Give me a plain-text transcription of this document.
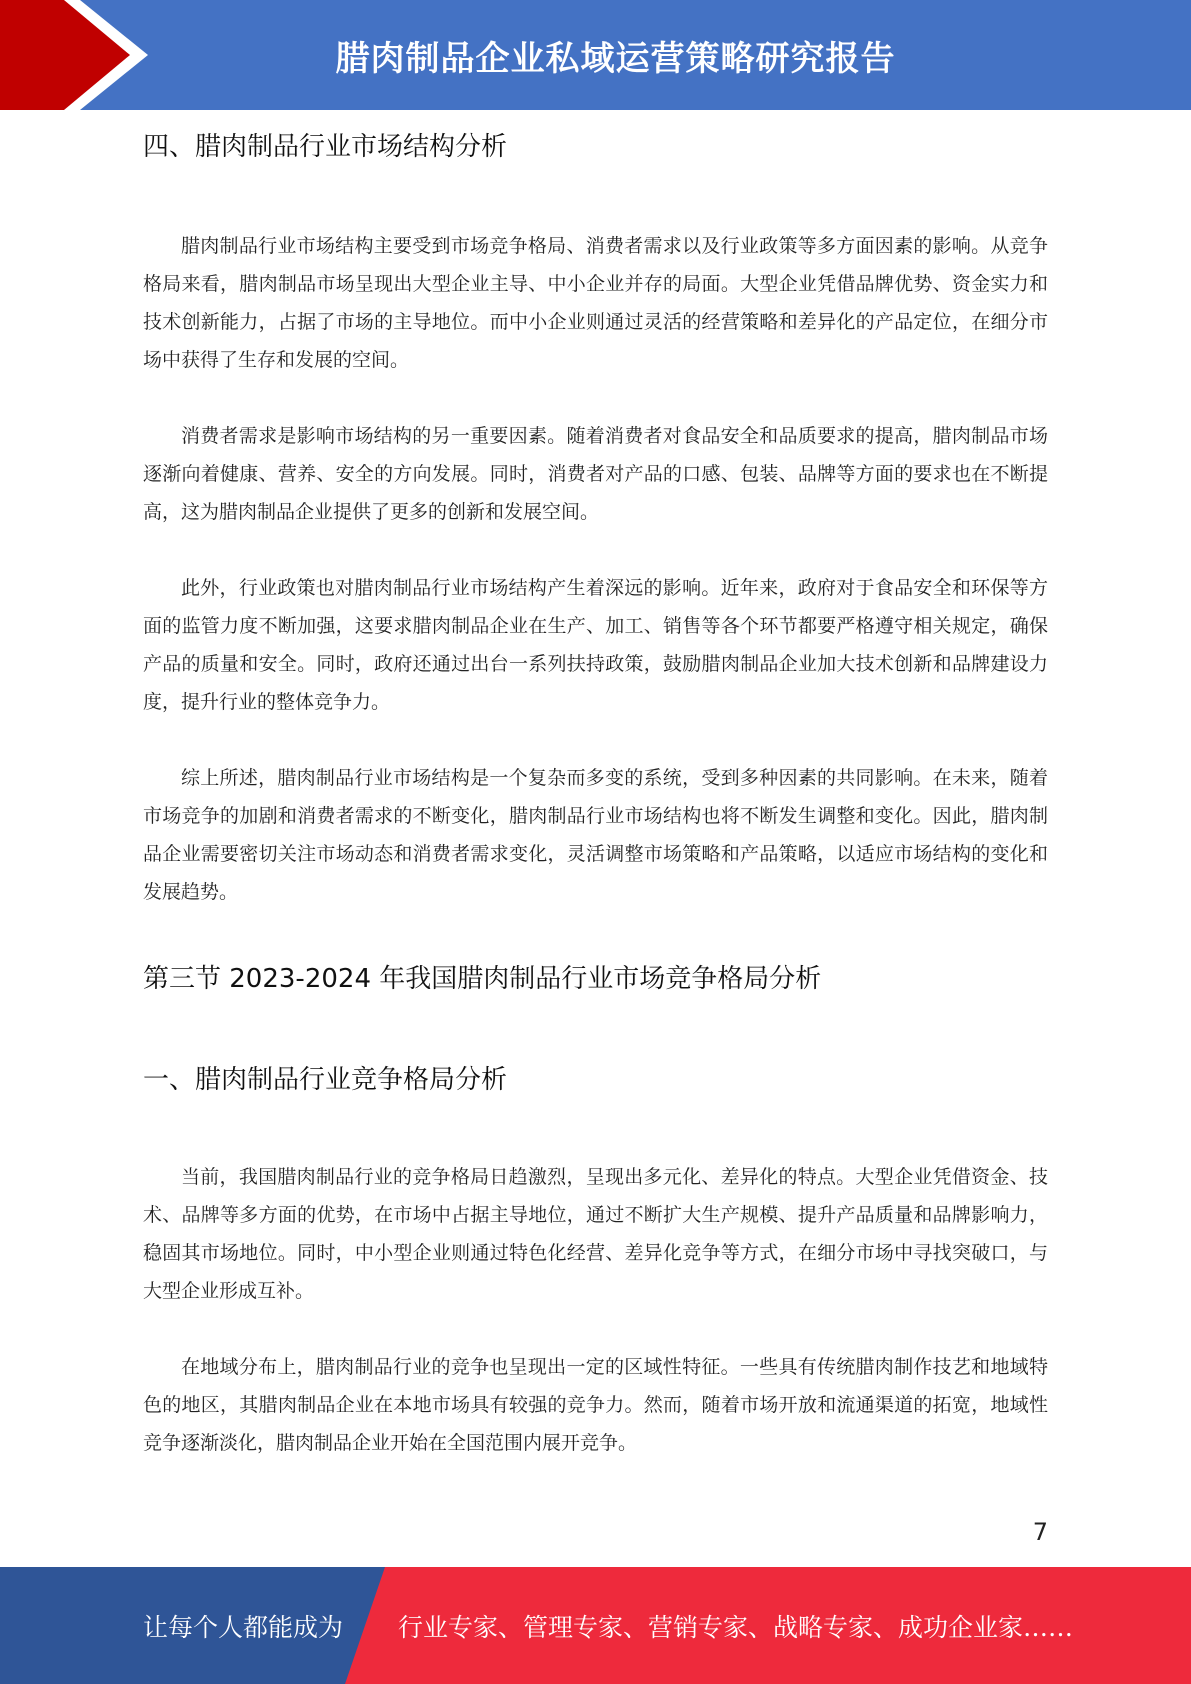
腊肉制品企业私域运营策略研究报告
四、腊肉制品行业市场结构分析

腊肉制品行业市场结构主要受到市场竞争格局、消费者需求以及行业政策等多方面因素的影响。从竞争格局来看，腊肉制品市场呈现出大型企业主导、中小企业并存的局面。大型企业凭借品牌优势、资金实力和技术创新能力，占据了市场的主导地位。而中小企业则通过灵活的经营策略和差异化的产品定位，在细分市场中获得了生存和发展的空间。

消费者需求是影响市场结构的另一重要因素。随着消费者对食品安全和品质要求的提高，腊肉制品市场逐渐向着健康、营养、安全的方向发展。同时，消费者对产品的口感、包装、品牌等方面的要求也在不断提高，这为腊肉制品企业提供了更多的创新和发展空间。

此外，行业政策也对腊肉制品行业市场结构产生着深远的影响。近年来，政府对于食品安全和环保等方面的监管力度不断加强，这要求腊肉制品企业在生产、加工、销售等各个环节都要严格遵守相关规定，确保产品的质量和安全。同时，政府还通过出台一系列扶持政策，鼓励腊肉制品企业加大技术创新和品牌建设力度，提升行业的整体竞争力。

综上所述，腊肉制品行业市场结构是一个复杂而多变的系统，受到多种因素的共同影响。在未来，随着市场竞争的加剧和消费者需求的不断变化，腊肉制品行业市场结构也将不断发生调整和变化。因此，腊肉制品企业需要密切关注市场动态和消费者需求变化，灵活调整市场策略和产品策略，以适应市场结构的变化和发展趋势。

第三节 2023-2024 年我国腊肉制品行业市场竞争格局分析
一、腊肉制品行业竞争格局分析

当前，我国腊肉制品行业的竞争格局日趋激烈，呈现出多元化、差异化的特点。大型企业凭借资金、技术、品牌等多方面的优势，在市场中占据主导地位，通过不断扩大生产规模、提升产品质量和品牌影响力，稳固其市场地位。同时，中小型企业则通过特色化经营、差异化竞争等方式，在细分市场中寻找突破口，与大型企业形成互补。

在地域分布上，腊肉制品行业的竞争也呈现出一定的区域性特征。一些具有传统腊肉制作技艺和地域特色的地区，其腊肉制品企业在本地市场具有较强的竞争力。然而，随着市场开放和流通渠道的拓宽，地域性竞争逐渐淡化，腊肉制品企业开始在全国范围内展开竞争。

7
让每个人都能成为 行业专家、管理专家、营销专家、战略专家、成功企业家……
